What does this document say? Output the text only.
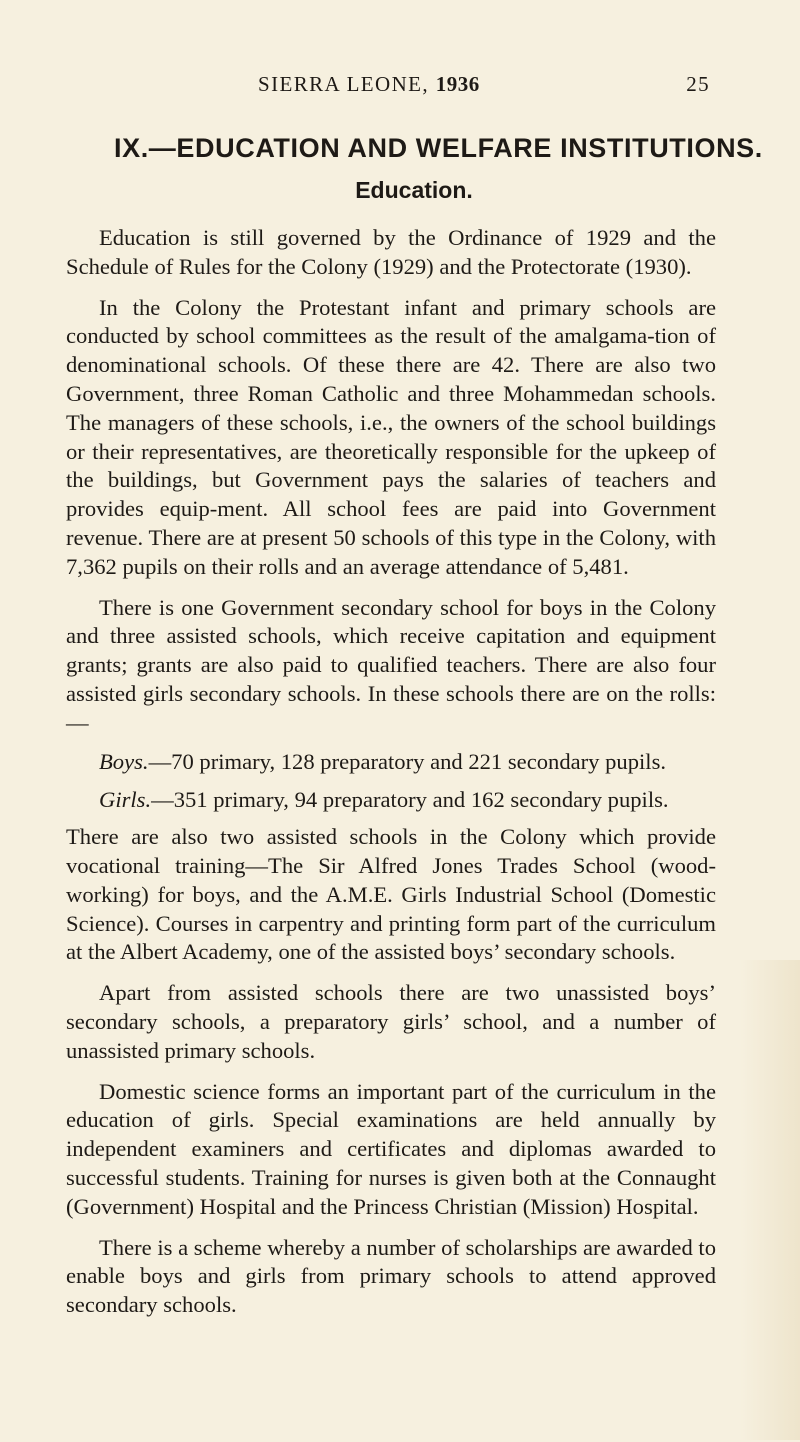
SIERRA LEONE, 1936	25
IX.—EDUCATION AND WELFARE INSTITUTIONS.
Education.

Education is still governed by the Ordinance of 1929 and the Schedule of Rules for the Colony (1929) and the Protectorate (1930).

In the Colony the Protestant infant and primary schools are conducted by school committees as the result of the amalgama-tion of denominational schools. Of these there are 42. There are also two Government, three Roman Catholic and three Mohammedan schools. The managers of these schools, i.e., the owners of the school buildings or their representatives, are theoretically responsible for the upkeep of the buildings, but Government pays the salaries of teachers and provides equip-ment. All school fees are paid into Government revenue. There are at present 50 schools of this type in the Colony, with 7,362 pupils on their rolls and an average attendance of 5,481.

There is one Government secondary school for boys in the Colony and three assisted schools, which receive capitation and equipment grants; grants are also paid to qualified teachers. There are also four assisted girls secondary schools. In these schools there are on the rolls: —

Boys.—70 primary, 128 preparatory and 221 secondary pupils.

Girls.—351 primary, 94 preparatory and 162 secondary pupils.

There are also two assisted schools in the Colony which provide vocational training—The Sir Alfred Jones Trades School (wood-working) for boys, and the A.M.E. Girls Industrial School (Domestic Science). Courses in carpentry and printing form part of the curriculum at the Albert Academy, one of the assisted boys’ secondary schools.

Apart from assisted schools there are two unassisted boys’ secondary schools, a preparatory girls’ school, and a number of unassisted primary schools.

Domestic science forms an important part of the curriculum in the education of girls. Special examinations are held annually by independent examiners and certificates and diplomas awarded to successful students. Training for nurses is given both at the Connaught (Government) Hospital and the Princess Christian (Mission) Hospital.

There is a scheme whereby a number of scholarships are awarded to enable boys and girls from primary schools to attend approved secondary schools.
